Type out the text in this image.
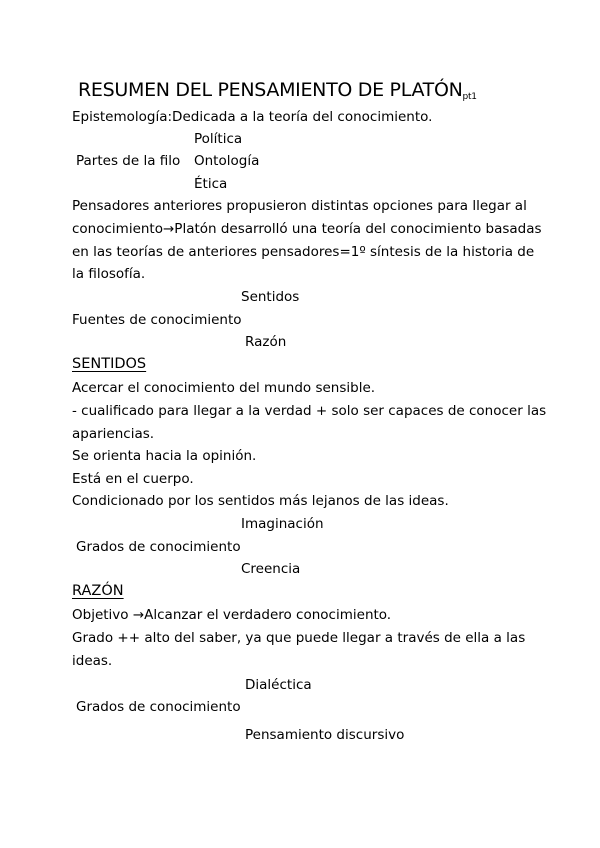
RESUMEN DEL PENSAMIENTO DE PLATÓNpt1
Epistemología:Dedicada a la teoría del conocimiento.
Política
Partes de la filo Ontología
Ética
Pensadores anteriores propusieron distintas opciones para llegar al
conocimiento→Platón desarrolló una teoría del conocimiento basadas
en las teorías de anteriores pensadores=1º síntesis de la historia de
la filosofía.
Sentidos
Fuentes de conocimiento
Razón
SENTIDOS
Acercar el conocimiento del mundo sensible.
- cualificado para llegar a la verdad + solo ser capaces de conocer las
apariencias.
Se orienta hacia la opinión.
Está en el cuerpo.
Condicionado por los sentidos más lejanos de las ideas.
Imaginación
Grados de conocimiento
Creencia
RAZÓN
Objetivo →Alcanzar el verdadero conocimiento.
Grado ++ alto del saber, ya que puede llegar a través de ella a las
ideas.
Dialéctica
Grados de conocimiento
Pensamiento discursivo
